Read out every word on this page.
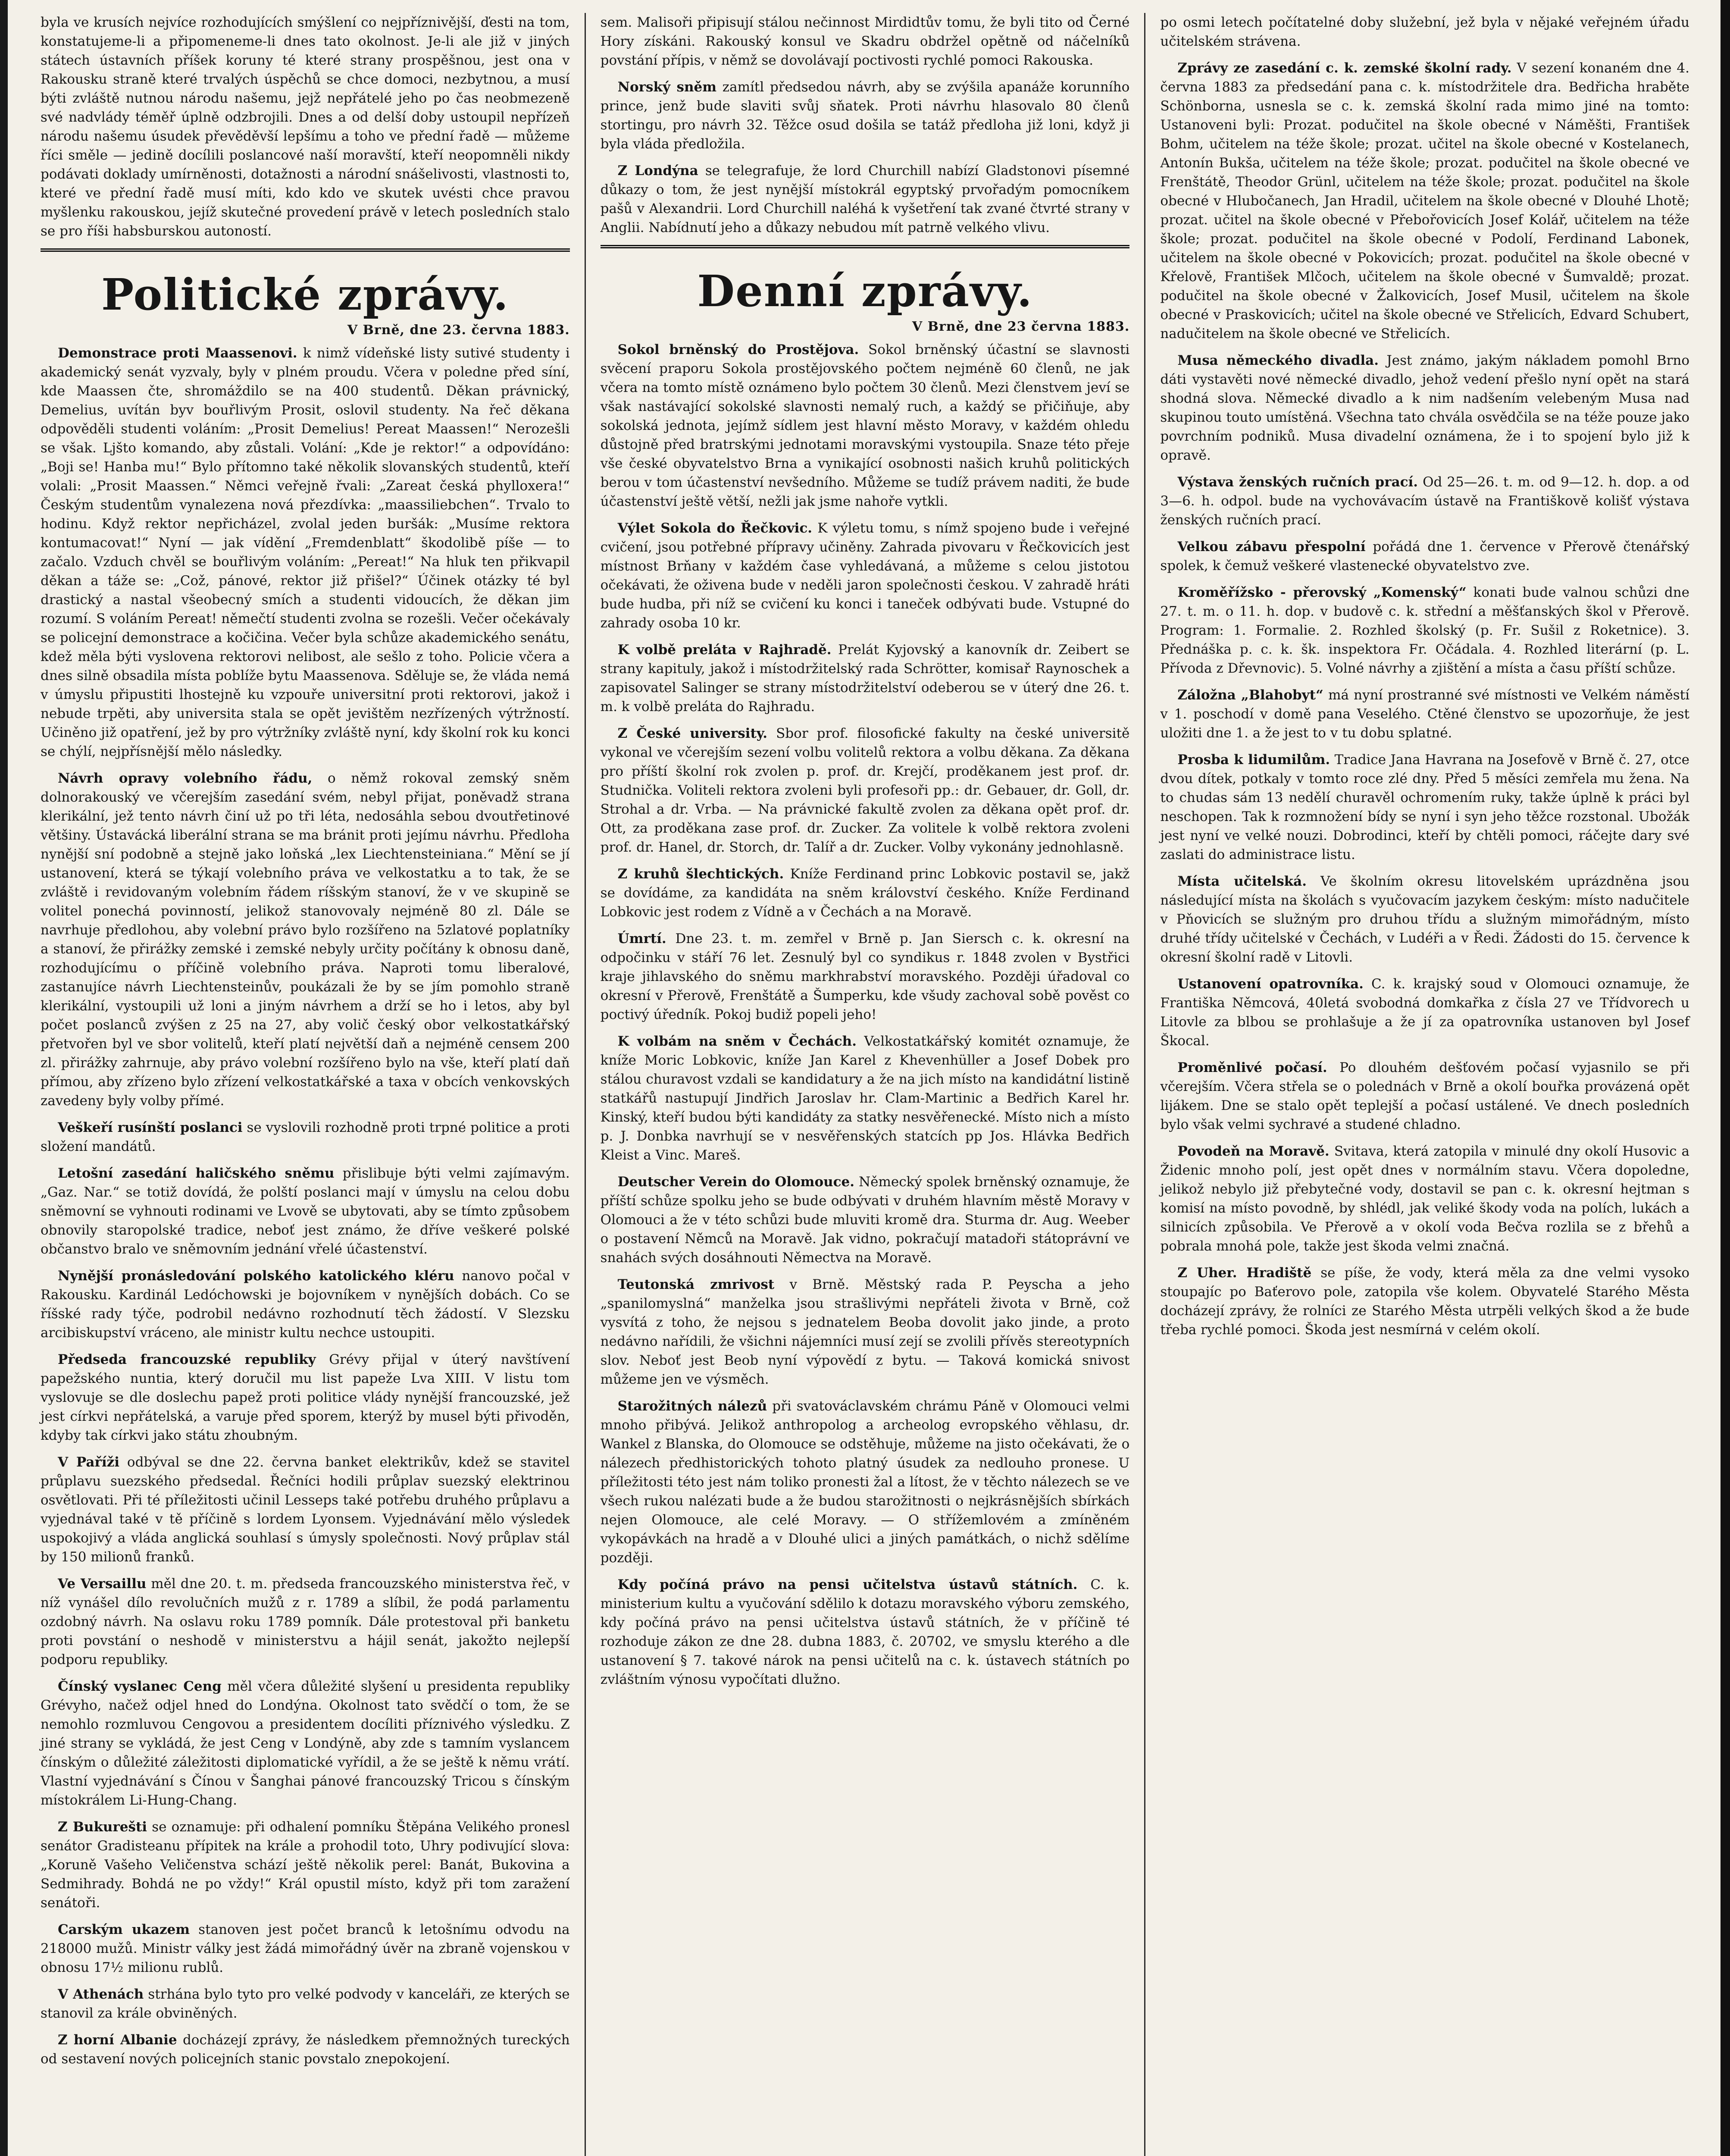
byla ve krusích nejvíce rozhodujících smýšlení co nejpříznivější, ďesti na tom, konstatujeme-li a připomeneme-li dnes tato okolnost. Je-li ale již v jiných státech ústavních příšek koruny té které strany prospěšnou, jest ona v Rakousku straně které trvalých úspěchů se chce domoci, nezbytnou, a musí býti zvláště nutnou národu našemu, jejž nepřátelé jeho po čas neobmezeně své nadvlády téměř úplně odzbrojili. Dnes a od delší doby ustoupil nepřízeň národu našemu úsudek převěděvší lepšímu a toho ve přední řadě — můžeme říci směle — jedině docílili poslancové naší moravští, kteří neopomněli nikdy podávati doklady umírněnosti, dotažnosti a národní snášelivosti, vlastnosti to, které ve přední řadě musí míti, kdo kdo ve skutek uvésti chce pravou myšlenku rakouskou, jejíž skutečné provedení právě v letech posledních stalo se pro říši habsburskou autoností.

Politické zprávy.
V Brně, dne 23. června 1883.

Demonstrace proti Maassenovi. k nimž vídeňské listy sutivé studenty i akademický senát vyzvaly, byly v plném proudu. Včera v poledne před síní, kde Maassen čte, shromáždilo se na 400 studentů. Děkan právnický, Demelius, uvítán byv bouřlivým Prosit, oslovil studenty. Na řeč děkana odpověděli studenti voláním: „Prosit Demelius! Pereat Maassen!“ Nerozešli se však. Ljšto komando, aby zůstali. Volání: „Kde je rektor!“ a odpovídáno: „Boji se! Hanba mu!“ Bylo přítomno také několik slovanských studentů, kteří volali: „Prosit Maassen.“ Němci veřejně řvali: „Zareat česká phylloxera!“ Českým studentům vynalezena nová přezdívka: „maassiliebchen“. Trvalo to hodinu. Když rektor nepřicházel, zvolal jeden buršák: „Musíme rektora kontumacovat!“ Nyní — jak vídění „Fremdenblatt“ škodolibě píše — to začalo. Vzduch chvěl se bouřlivým voláním: „Pereat!“ Na hluk ten přikvapil děkan a táže se: „Což, pánové, rektor již přišel?“ Účinek otázky té byl drastický a nastal všeobecný smích a studenti vidoucích, že děkan jim rozumí. S voláním Pereat! němečtí studenti zvolna se rozešli. Večer očekávaly se policejní demonstrace a kočičina. Večer byla schůze akademického senátu, kdež měla býti vyslovena rektorovi nelibost, ale sešlo z toho. Policie včera a dnes silně obsadila místa poblíže bytu Maassenova. Sděluje se, že vláda nemá v úmyslu připustiti lhostejně ku vzpouře universitní proti rektorovi, jakož i nebude trpěti, aby universita stala se opět jevištěm nezřízených výtržností. Učiněno již opatření, jež by pro výtržníky zvláště nyní, kdy školní rok ku konci se chýlí, nejpřísnější mělo následky.

Návrh opravy volebního řádu, o němž rokoval zemský sněm dolnorakouský ve včerejším zasedání svém, nebyl přijat, poněvadž strana klerikální, jež tento návrh činí už po tři léta, nedosáhla sebou dvoutřetinové většiny. Ústavácká liberální strana se ma bránit proti jejímu návrhu. Předloha nynější sní podobně a stejně jako loňská „lex Liechtensteiniana.“ Mění se jí ustanovení, která se týkají volebního práva ve velkostatku a to tak, že se zvláště i revidovaným volebním řádem ríšským stanoví, že v ve skupině se volitel ponechá povinností, jelikož stanovovaly nejméně 80 zl. Dále se navrhuje předlohou, aby volební právo bylo rozšířeno na 5zlatové poplatníky a stanoví, že přirážky zemské i zemské nebyly určity počítány k obnosu daně, rozhodujícímu o příčině volebního práva. Naproti tomu liberalové, zastanujíce návrh Liechtensteinův, poukázali že by se jím pomohlo straně klerikální, vystoupili už loni a jiným návrhem a drží se ho i letos, aby byl počet poslanců zvýšen z 25 na 27, aby volič český obor velkostatkářský přetvořen byl ve sbor volitelů, kteří platí největší daň a nejméně censem 200 zl. přirážky zahrnuje, aby právo volební rozšířeno bylo na vše, kteří platí daň přímou, aby zřízeno bylo zřízení velkostatkářské a taxa v obcích venkovských zavedeny byly volby přímé.

Veškeří rusínští poslanci se vyslovili rozhodně proti trpné politice a proti složení mandátů.

Letošní zasedání haličského sněmu přislibuje býti velmi zajímavým. „Gaz. Nar.“ se totiž dovídá, že polští poslanci mají v úmyslu na celou dobu sněmovní se vyhnouti rodinami ve Lvově se ubytovati, aby se tímto způsobem obnovily staropolské tradice, neboť jest známo, že dříve veškeré polské občanstvo bralo ve sněmovním jednání vřelé účastenství.

Nynější pronásledování polského katolického kléru nanovo počal v Rakousku. Kardinál Ledóchowski je bojovníkem v nynějších dobách. Co se říšské rady týče, podrobil nedávno rozhodnutí těch žádostí. V Slezsku arcibiskupství vráceno, ale ministr kultu nechce ustoupiti.

Předseda francouzské republiky Grévy přijal v úterý navštívení papežského nuntia, který doručil mu list papeže Lva XIII. V listu tom vyslovuje se dle doslechu papež proti politice vlády nynější francouzské, jež jest církvi nepřátelská, a varuje před sporem, kterýž by musel býti přivoděn, kdyby tak církvi jako státu zhoubným.

V Paříži odbýval se dne 22. června banket elektrikův, kdež se stavitel průplavu suezského předsedal. Řečníci hodili průplav suezský elektrinou osvětlovati. Při té příležitosti učinil Lesseps také potřebu druhého průplavu a vyjednával také v tě příčině s lordem Lyonsem. Vyjednávání mělo výsledek uspokojivý a vláda anglická souhlasí s úmysly společnosti. Nový průplav stál by 150 milionů franků.

Ve Versaillu měl dne 20. t. m. předseda francouzského ministerstva řeč, v níž vynášel dílo revolučních mužů z r. 1789 a slíbil, že podá parlamentu ozdobný návrh. Na oslavu roku 1789 pomník. Dále protestoval při banketu proti povstání o neshodě v ministerstvu a hájil senát, jakožto nejlepší podporu republiky.

Čínský vyslanec Ceng měl včera důležité slyšení u presidenta republiky Grévyho, načež odjel hned do Londýna. Okolnost tato svědčí o tom, že se nemohlo rozmluvou Cengovou a presidentem docíliti příznivého výsledku. Z jiné strany se vykládá, že jest Ceng v Londýně, aby zde s tamním vyslancem čínským o důležité záležitosti diplomatické vyřídil, a že se ještě k němu vrátí. Vlastní vyjednávání s Čínou v Šanghai pánové francouzský Tricou s čínským místokrálem Li-Hung-Chang.

Z Bukurešti se oznamuje: při odhalení pomníku Štěpána Velikého pronesl senátor Gradisteanu přípitek na krále a prohodil toto, Uhry podivující slova: „Koruně Vašeho Veličenstva schází ještě několik perel: Banát, Bukovina a Sedmihrady. Bohdá ne po vždy!“ Král opustil místo, když při tom zaražení senátoři.

Carským ukazem stanoven jest počet branců k letošnímu odvodu na 218000 mužů. Ministr války jest žádá mimořádný úvěr na zbraně vojenskou v obnosu 17½ milionu rublů.

V Athenách strhána bylo tyto pro velké podvody v kanceláři, ze kterých se stanovil za krále obviněných.

Z horní Albanie docházejí zprávy, že následkem přemnožných tureckých od sestavení nových policejních stanic povstalo znepokojení.

sem. Malisoři připisují stálou nečinnost Mirdidtův tomu, že byli tito od Černé Hory získáni. Rakouský konsul ve Skadru obdržel opětně od náčelníků povstání přípis, v němž se dovolávají poctivosti rychlé pomoci Rakouska.

Norský sněm zamítl předsedou návrh, aby se zvýšila apanáže korunního prince, jenž bude slaviti svůj sňatek. Proti návrhu hlasovalo 80 členů stortingu, pro návrh 32. Těžce osud došila se tatáž předloha již loni, když ji byla vláda předložila.

Z Londýna se telegrafuje, že lord Churchill nabízí Gladstonovi písemné důkazy o tom, že jest nynější místokrál egyptský prvořadým pomocníkem pašů v Alexandrii. Lord Churchill naléhá k vyšetření tak zvané čtvrté strany v Anglii. Nabídnutí jeho a důkazy nebudou mít patrně velkého vlivu.

Denní zprávy.
V Brně, dne 23 června 1883.

Sokol brněnský do Prostějova. Sokol brněnský účastní se slavnosti svěcení praporu Sokola prostějovského počtem nejméně 60 členů, ne jak včera na tomto místě oznámeno bylo počtem 30 členů. Mezi členstvem jeví se však nastávající sokolské slavnosti nemalý ruch, a každý se přičiňuje, aby sokolská jednota, jejímž sídlem jest hlavní město Moravy, v každém ohledu důstojně před bratrskými jednotami moravskými vystoupila. Snaze této přeje vše české obyvatelstvo Brna a vynikající osobnosti našich kruhů politických berou v tom účastenství nevšedního. Můžeme se tudíž právem naditi, že bude účastenství ještě větší, nežli jak jsme nahoře vytkli.

Výlet Sokola do Řečkovic. K výletu tomu, s nímž spojeno bude i veřejné cvičení, jsou potřebné přípravy učiněny. Zahrada pivovaru v Řečkovicích jest místnost Brňany v každém čase vyhledávaná, a můžeme s celou jistotou očekávati, že oživena bude v neděli jaron společnosti českou. V zahradě hráti bude hudba, při níž se cvičení ku konci i taneček odbývati bude. Vstupné do zahrady osoba 10 kr.

K volbě preláta v Rajhradě. Prelát Kyjovský a kanovník dr. Zeibert se strany kapituly, jakož i místodržitelský rada Schrötter, komisař Raynoschek a zapisovatel Salinger se strany místodržitelství odeberou se v úterý dne 26. t. m. k volbě preláta do Rajhradu.

Z České university. Sbor prof. filosofické fakulty na české universitě vykonal ve včerejším sezení volbu volitelů rektora a volbu děkana. Za děkana pro příští školní rok zvolen p. prof. dr. Krejčí, proděkanem jest prof. dr. Studnička. Voliteli rektora zvoleni byli profesoři pp.: dr. Gebauer, dr. Goll, dr. Strohal a dr. Vrba. — Na právnické fakultě zvolen za děkana opět prof. dr. Ott, za proděkana zase prof. dr. Zucker. Za volitele k volbě rektora zvoleni prof. dr. Hanel, dr. Storch, dr. Talíř a dr. Zucker. Volby vykonány jednohlasně.

Z kruhů šlechtických. Kníže Ferdinand princ Lobkovic postavil se, jakž se dovídáme, za kandidáta na sněm království českého. Kníže Ferdinand Lobkovic jest rodem z Vídně a v Čechách a na Moravě.

Úmrtí. Dne 23. t. m. zemřel v Brně p. Jan Siersch c. k. okresní na odpočinku v stáří 76 let. Zesnulý byl co syndikus r. 1848 zvolen v Bystřici kraje jihlavského do sněmu markhrabství moravského. Později úřadoval co okresní v Přerově, Frenštátě a Šumperku, kde všudy zachoval sobě pověst co poctivý úředník. Pokoj budiž popeli jeho!

K volbám na sněm v Čechách. Velkostatkářský komitét oznamuje, že kníže Moric Lobkovic, kníže Jan Karel z Khevenhüller a Josef Dobek pro stálou churavost vzdali se kandidatury a že na jich místo na kandidátní listině statkářů nastupují Jindřich Jaroslav hr. Clam-Martinic a Bedřich Karel hr. Kinský, kteří budou býti kandidáty za statky nesvěřenecké. Místo nich a místo p. J. Donbka navrhují se v nesvěřenských statcích pp Jos. Hlávka Bedřich Kleist a Vinc. Mareš.

Deutscher Verein do Olomouce. Německý spolek brněnský oznamuje, že příští schůze spolku jeho se bude odbývati v druhém hlavním městě Moravy v Olomouci a že v této schůzi bude mluviti kromě dra. Sturma dr. Aug. Weeber o postavení Němců na Moravě. Jak vidno, pokračují matadoři státoprávní ve snahách svých dosáhnouti Němectva na Moravě.

Teutonská zmrivost v Brně. Městský rada P. Peyscha a jeho „spanilomyslná“ manželka jsou strašlivými nepřáteli života v Brně, což vysvítá z toho, že nejsou s jednatelem Beoba dovolit jako jinde, a proto nedávno nařídili, že všichni nájemníci musí zejí se zvolili přívěs stereotypních slov. Neboť jest Beob nyní výpovědí z bytu. — Taková komická snivost můžeme jen ve výsměch.

Starožitných nálezů při svatováclavském chrámu Páně v Olomouci velmi mnoho přibývá. Jelikož anthropolog a archeolog evropského věhlasu, dr. Wankel z Blanska, do Olomouce se odstěhuje, můžeme na jisto očekávati, že o nálezech předhistorických tohoto platný úsudek za nedlouho pronese. U příležitosti této jest nám toliko pronesti žal a lítost, že v těchto nálezech se ve všech rukou nalézati bude a že budou starožitnosti o nejkrásnějších sbírkách nejen Olomouce, ale celé Moravy. — O střížemlovém a zmíněném vykopávkách na hradě a v Dlouhé ulici a jiných památkách, o nichž sdělíme později.

Kdy počíná právo na pensi učitelstva ústavů státních. C. k. ministerium kultu a vyučování sdělilo k dotazu moravského výboru zemského, kdy počíná právo na pensi učitelstva ústavů státních, že v příčině té rozhoduje zákon ze dne 28. dubna 1883, č. 20702, ve smyslu kterého a dle ustanovení § 7. takové nárok na pensi učitelů na c. k. ústavech státních po zvláštním výnosu vypočítati dlužno.

po osmi letech počítatelné doby služební, jež byla v nějaké veřejném úřadu učitelském strávena.

Zprávy ze zasedání c. k. zemské školní rady. V sezení konaném dne 4. června 1883 za předsedání pana c. k. místodržitele dra. Bedřicha hraběte Schönborna, usnesla se c. k. zemská školní rada mimo jiné na tomto: Ustanoveni byli: Prozat. podučitel na škole obecné v Náměšti, František Bohm, učitelem na téže škole; prozat. učitel na škole obecné v Kostelanech, Antonín Bukša, učitelem na téže škole; prozat. podučitel na škole obecné ve Frenštátě, Theodor Grünl, učitelem na téže škole; prozat. podučitel na škole obecné v Hlubočanech, Jan Hradil, učitelem na škole obecné v Dlouhé Lhotě; prozat. učitel na škole obecné v Přebořovicích Josef Kolář, učitelem na téže škole; prozat. podučitel na škole obecné v Podolí, Ferdinand Labonek, učitelem na škole obecné v Pokovicích; prozat. podučitel na škole obecné v Křelově, František Mlčoch, učitelem na škole obecné v Šumvaldě; prozat. podučitel na škole obecné v Žalkovicích, Josef Musil, učitelem na škole obecné v Praskovicích; učitel na škole obecné ve Střelicích, Edvard Schubert, nadučitelem na škole obecné ve Střelicích.

Musa německého divadla. Jest známo, jakým nákladem pomohl Brno dáti vystavěti nové německé divadlo, jehož vedení přešlo nyní opět na stará shodná slova. Německé divadlo a k nim nadšením velebeným Musa nad skupinou touto umístěná. Všechna tato chvála osvědčila se na téže pouze jako povrchním podniků. Musa divadelní oznámena, že i to spojení bylo již k opravě.

Výstava ženských ručních prací. Od 25—26. t. m. od 9—12. h. dop. a od 3—6. h. odpol. bude na vychovávacím ústavě na Františkově kolišť výstava ženských ručních prací.

Velkou zábavu přespolní pořádá dne 1. července v Přerově čtenářský spolek, k čemuž veškeré vlastenecké obyvatelstvo zve.

Kroměřížsko - přerovský „Komenský“ konati bude valnou schůzi dne 27. t. m. o 11. h. dop. v budově c. k. střední a měšťanských škol v Přerově. Program: 1. Formalie. 2. Rozhled školský (p. Fr. Sušil z Roketnice). 3. Přednáška p. c. k. šk. inspektora Fr. Očádala. 4. Rozhled literární (p. L. Přívoda z Dřevnovic). 5. Volné návrhy a zjištění a místa a času příští schůze.

Záložna „Blahobyt“ má nyní prostranné své místnosti ve Velkém náměstí v 1. poschodí v domě pana Veselého. Ctěné členstvo se upozorňuje, že jest uložiti dne 1. a že jest to v tu dobu splatné.

Prosba k lidumilům. Tradice Jana Havrana na Josefově v Brně č. 27, otce dvou dítek, potkaly v tomto roce zlé dny. Před 5 měsíci zemřela mu žena. Na to chudas sám 13 nedělí churavěl ochromením ruky, takže úplně k práci byl neschopen. Tak k rozmnožení bídy se nyní i syn jeho těžce rozstonal. Ubožák jest nyní ve velké nouzi. Dobrodinci, kteří by chtěli pomoci, ráčejte dary své zaslati do administrace listu.

Místa učitelská. Ve školním okresu litovelském uprázdněna jsou následující místa na školách s vyučovacím jazykem českým: místo nadučitele v Pňovicích se služným pro druhou třídu a služným mimořádným, místo druhé třídy učitelské v Čechách, v Ludéři a v Ředi. Žádosti do 15. července k okresní školní radě v Litovli.

Ustanovení opatrovníka. C. k. krajský soud v Olomouci oznamuje, že Františka Němcová, 40letá svobodná domkařka z čísla 27 ve Třídvorech u Litovle za blbou se prohlašuje a že jí za opatrovníka ustanoven byl Josef Škocal.

Proměnlivé počasí. Po dlouhém dešťovém počasí vyjasnilo se při včerejším. Včera střela se o polednách v Brně a okolí bouřka provázená opět lijákem. Dne se stalo opět teplejší a počasí ustálené. Ve dnech posledních bylo však velmi sychravé a studené chladno.

Povodeň na Moravě. Svitava, která zatopila v minulé dny okolí Husovic a Židenic mnoho polí, jest opět dnes v normálním stavu. Včera dopoledne, jelikož nebylo již přebytečné vody, dostavil se pan c. k. okresní hejtman s komisí na místo povodně, by shlédl, jak veliké škody voda na polích, lukách a silnicích způsobila. Ve Přerově a v okolí voda Bečva rozlila se z břehů a pobrala mnohá pole, takže jest škoda velmi značná.

Z Uher. Hradiště se píše, že vody, která měla za dne velmi vysoko stoupajíc po Baťerovo pole, zatopila vše kolem. Obyvatelé Starého Města docházejí zprávy, že rolníci ze Starého Města utrpěli velkých škod a že bude třeba rychlé pomoci. Škoda jest nesmírná v celém okolí.
